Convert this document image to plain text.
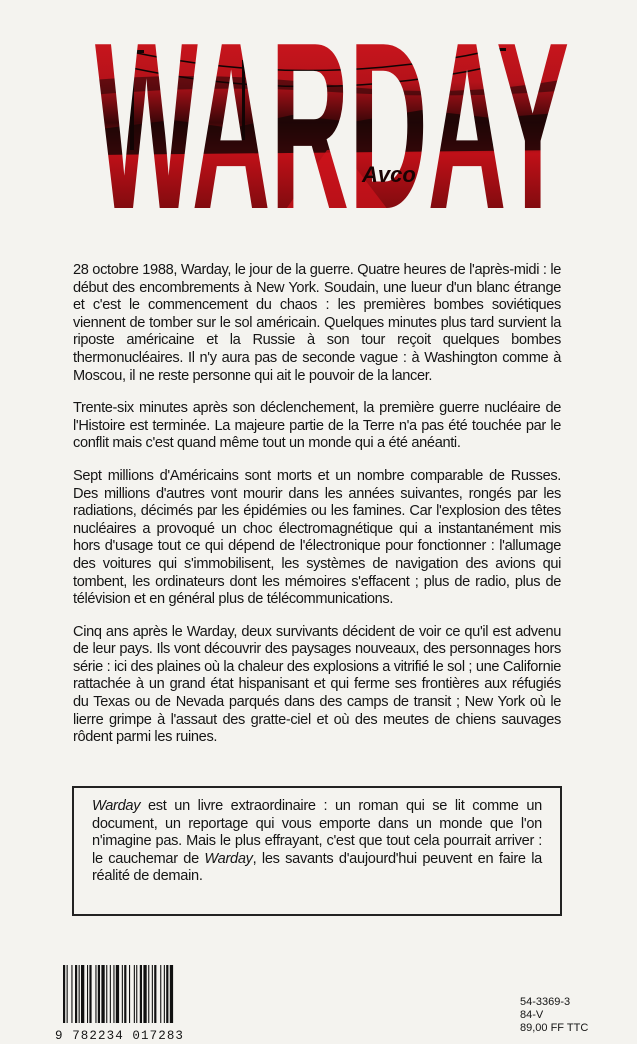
Avco

28 octobre 1988, Warday, le jour de la guerre. Quatre heures de l'après-midi : le début des encombrements à New York. Soudain, une lueur d'un blanc étrange et c'est le commencement du chaos : les premières bombes soviétiques viennent de tomber sur le sol américain. Quelques minutes plus tard survient la riposte américaine et la Russie à son tour reçoit quelques bombes thermonucléaires. Il n'y aura pas de seconde vague : à Washington comme à Moscou, il ne reste personne qui ait le pouvoir de la lancer.

Trente-six minutes après son déclenchement, la première guerre nucléaire de l'Histoire est terminée. La majeure partie de la Terre n'a pas été touchée par le conflit mais c'est quand même tout un monde qui a été anéanti.

Sept millions d'Américains sont morts et un nombre comparable de Russes. Des millions d'autres vont mourir dans les années suivantes, rongés par les radiations, décimés par les épidémies ou les famines. Car l'explosion des têtes nucléaires a provoqué un choc électromagnétique qui a instantanément mis hors d'usage tout ce qui dépend de l'électronique pour fonctionner : l'allumage des voitures qui s'immobilisent, les systèmes de navigation des avions qui tombent, les ordinateurs dont les mémoires s'effacent ; plus de radio, plus de télévision et en général plus de télécommunications.

Cinq ans après le Warday, deux survivants décident de voir ce qu'il est advenu de leur pays. Ils vont découvrir des paysages nouveaux, des personnages hors série : ici des plaines où la chaleur des explosions a vitrifié le sol ; une Californie rattachée à un grand état hispanisant et qui ferme ses frontières aux réfugiés du Texas ou de Nevada parqués dans des camps de transit ; New York où le lierre grimpe à l'assaut des gratte-ciel et où des meutes de chiens sauvages rôdent parmi les ruines.

Warday est un livre extraordinaire : un roman qui se lit comme un document, un reportage qui vous emporte dans un monde que l'on n'imagine pas. Mais le plus effrayant, c'est que tout cela pourrait arriver : le cauchemar de Warday, les savants d'aujourd'hui peuvent en faire la réalité de demain.

9 782234 017283
54-3369-3
84-V
89,00 FF TTC
